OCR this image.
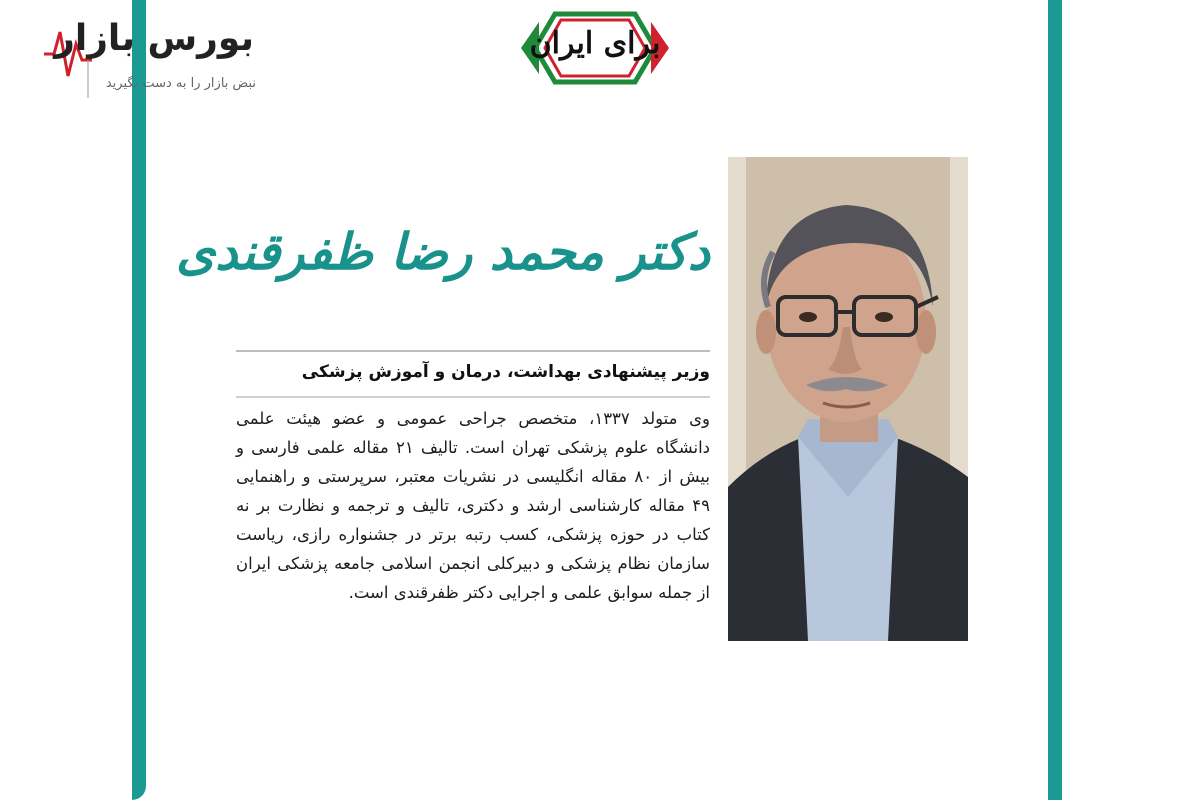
بورس بازار
نبض بازار را به دست بگیرید
برای ایران
دکتر محمد رضا ظفرقندی
وزیر پیشنهادی بهداشت، درمان و آموزش پزشکی
وی متولد ۱۳۳۷، متخصص جراحی عمومی و عضو هیئت علمی دانشگاه علوم پزشکی تهران است. تالیف ۲۱ مقاله علمی فارسی و بیش از ۸۰ مقاله انگلیسی در نشریات معتبر، سرپرستی و راهنمایی ۴۹ مقاله کارشناسی ارشد و دکتری، تالیف و ترجمه و نظارت بر نه کتاب در حوزه پزشکی، کسب رتبه برتر در جشنواره رازی، ریاست سازمان نظام پزشکی و دبیرکلی انجمن اسلامی جامعه پزشکی ایران از جمله سوابق علمی و اجرایی دکتر ظفرقندی است.
